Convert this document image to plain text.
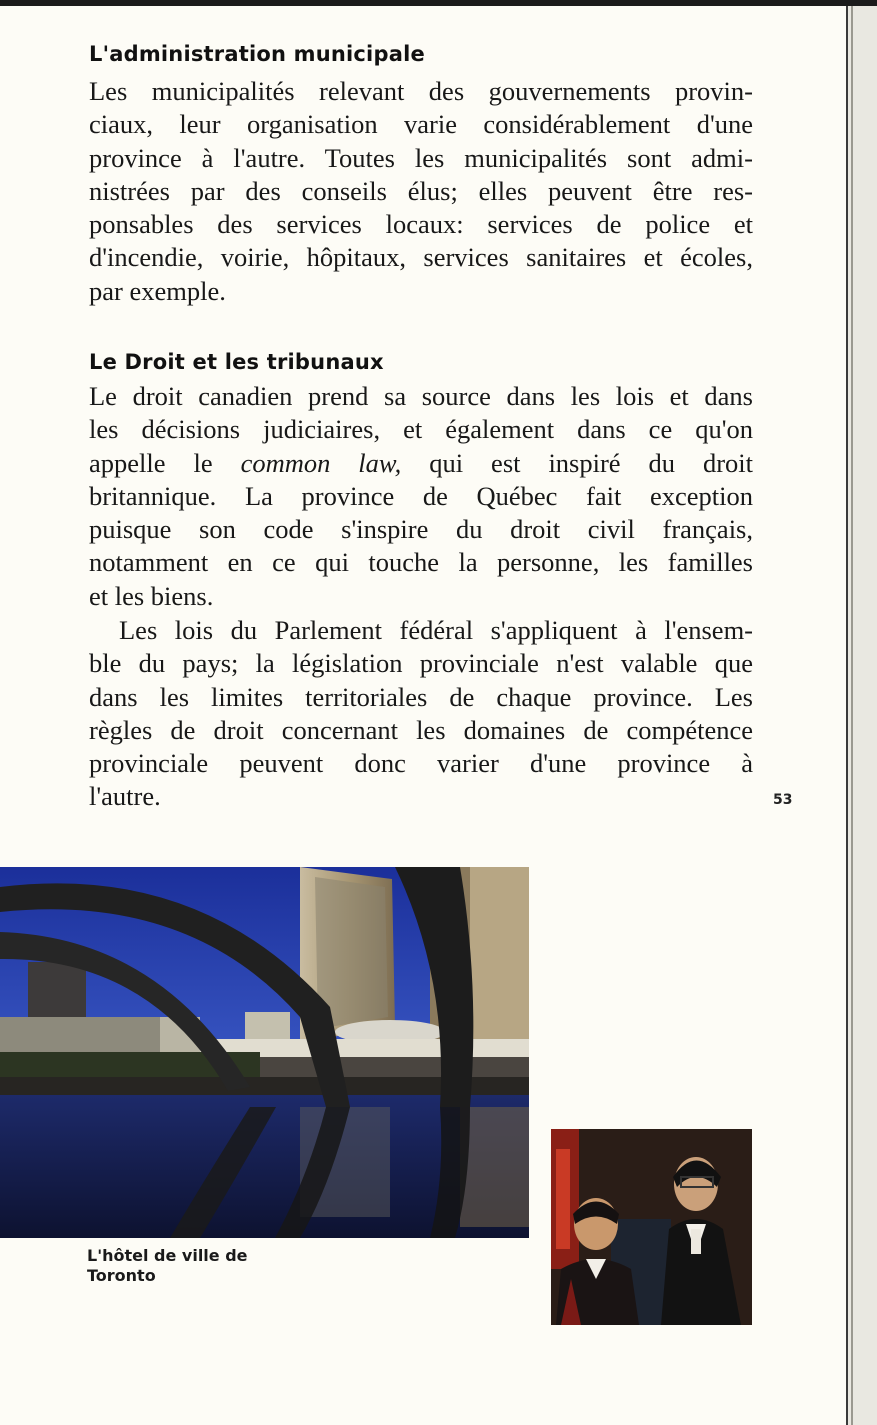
L'administration municipale
Les municipalités relevant des gouvernements provin-
ciaux, leur organisation varie considérablement d'une
province à l'autre. Toutes les municipalités sont admi-
nistrées par des conseils élus; elles peuvent être res-
ponsables des services locaux: services de police et
d'incendie, voirie, hôpitaux, services sanitaires et écoles,
par exemple.
Le Droit et les tribunaux
Le droit canadien prend sa source dans les lois et dans
les décisions judiciaires, et également dans ce qu'on
appelle le common law, qui est inspiré du droit
britannique. La province de Québec fait exception
puisque son code s'inspire du droit civil français,
notamment en ce qui touche la personne, les familles
et les biens.
Les lois du Parlement fédéral s'appliquent à l'ensem-
ble du pays; la législation provinciale n'est valable que
dans les limites territoriales de chaque province. Les
règles de droit concernant les domaines de compétence
provinciale peuvent donc varier d'une province à
l'autre.	53
L'hôtel de ville de
Toronto
